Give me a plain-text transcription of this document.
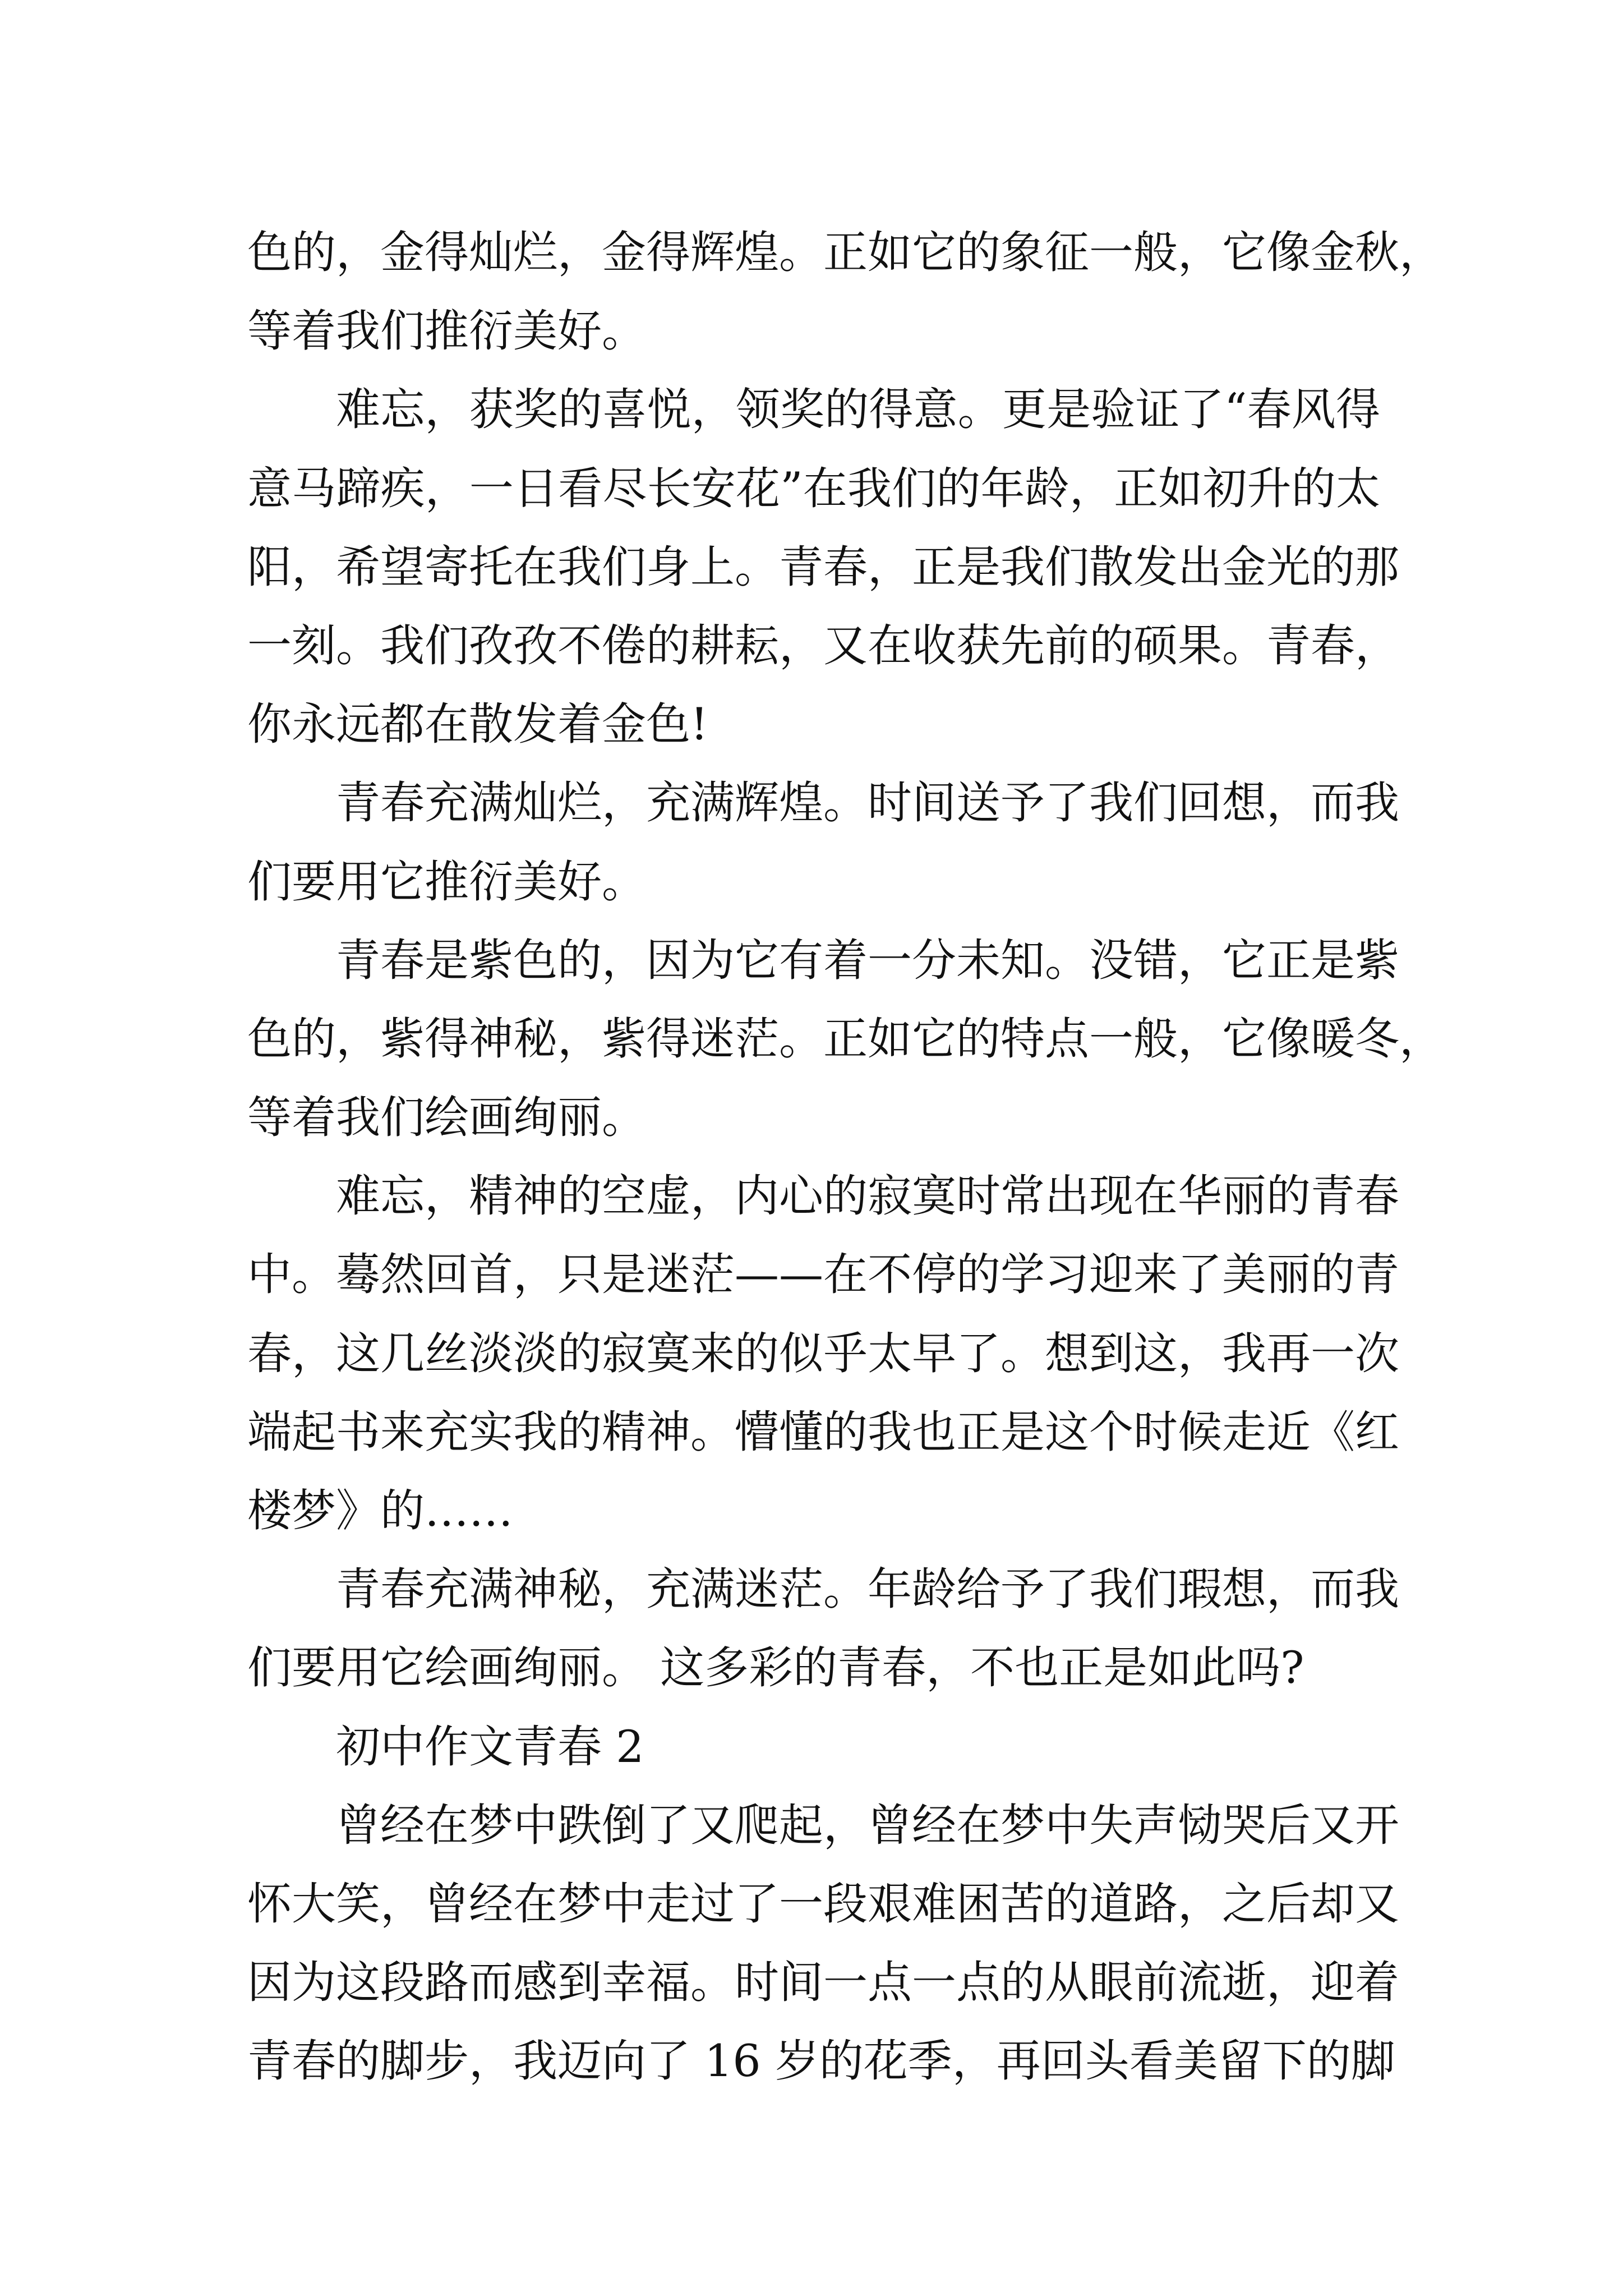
色的，金得灿烂，金得辉煌。正如它的象征一般，它像金秋，
等着我们推衍美好。
难忘，获奖的喜悦，领奖的得意。更是验证了“春风得
意马蹄疾，一日看尽长安花”在我们的年龄，正如初升的太
阳，希望寄托在我们身上。青春，正是我们散发出金光的那
一刻。我们孜孜不倦的耕耘，又在收获先前的硕果。青春，
你永远都在散发着金色!
青春充满灿烂，充满辉煌。时间送予了我们回想，而我
们要用它推衍美好。
青春是紫色的，因为它有着一分未知。没错，它正是紫
色的，紫得神秘，紫得迷茫。正如它的特点一般，它像暖冬，
等着我们绘画绚丽。
难忘，精神的空虚，内心的寂寞时常出现在华丽的青春
中。蓦然回首，只是迷茫——在不停的学习迎来了美丽的青
春，这几丝淡淡的寂寞来的似乎太早了。想到这，我再一次
端起书来充实我的精神。懵懂的我也正是这个时候走近《红
楼梦》的……
青春充满神秘，充满迷茫。年龄给予了我们瑕想，而我
们要用它绘画绚丽。 这多彩的青春，不也正是如此吗?
初中作文青春 2
曾经在梦中跌倒了又爬起，曾经在梦中失声恸哭后又开
怀大笑，曾经在梦中走过了一段艰难困苦的道路，之后却又
因为这段路而感到幸福。时间一点一点的从眼前流逝，迎着
青春的脚步，我迈向了 16 岁的花季，再回头看美留下的脚
